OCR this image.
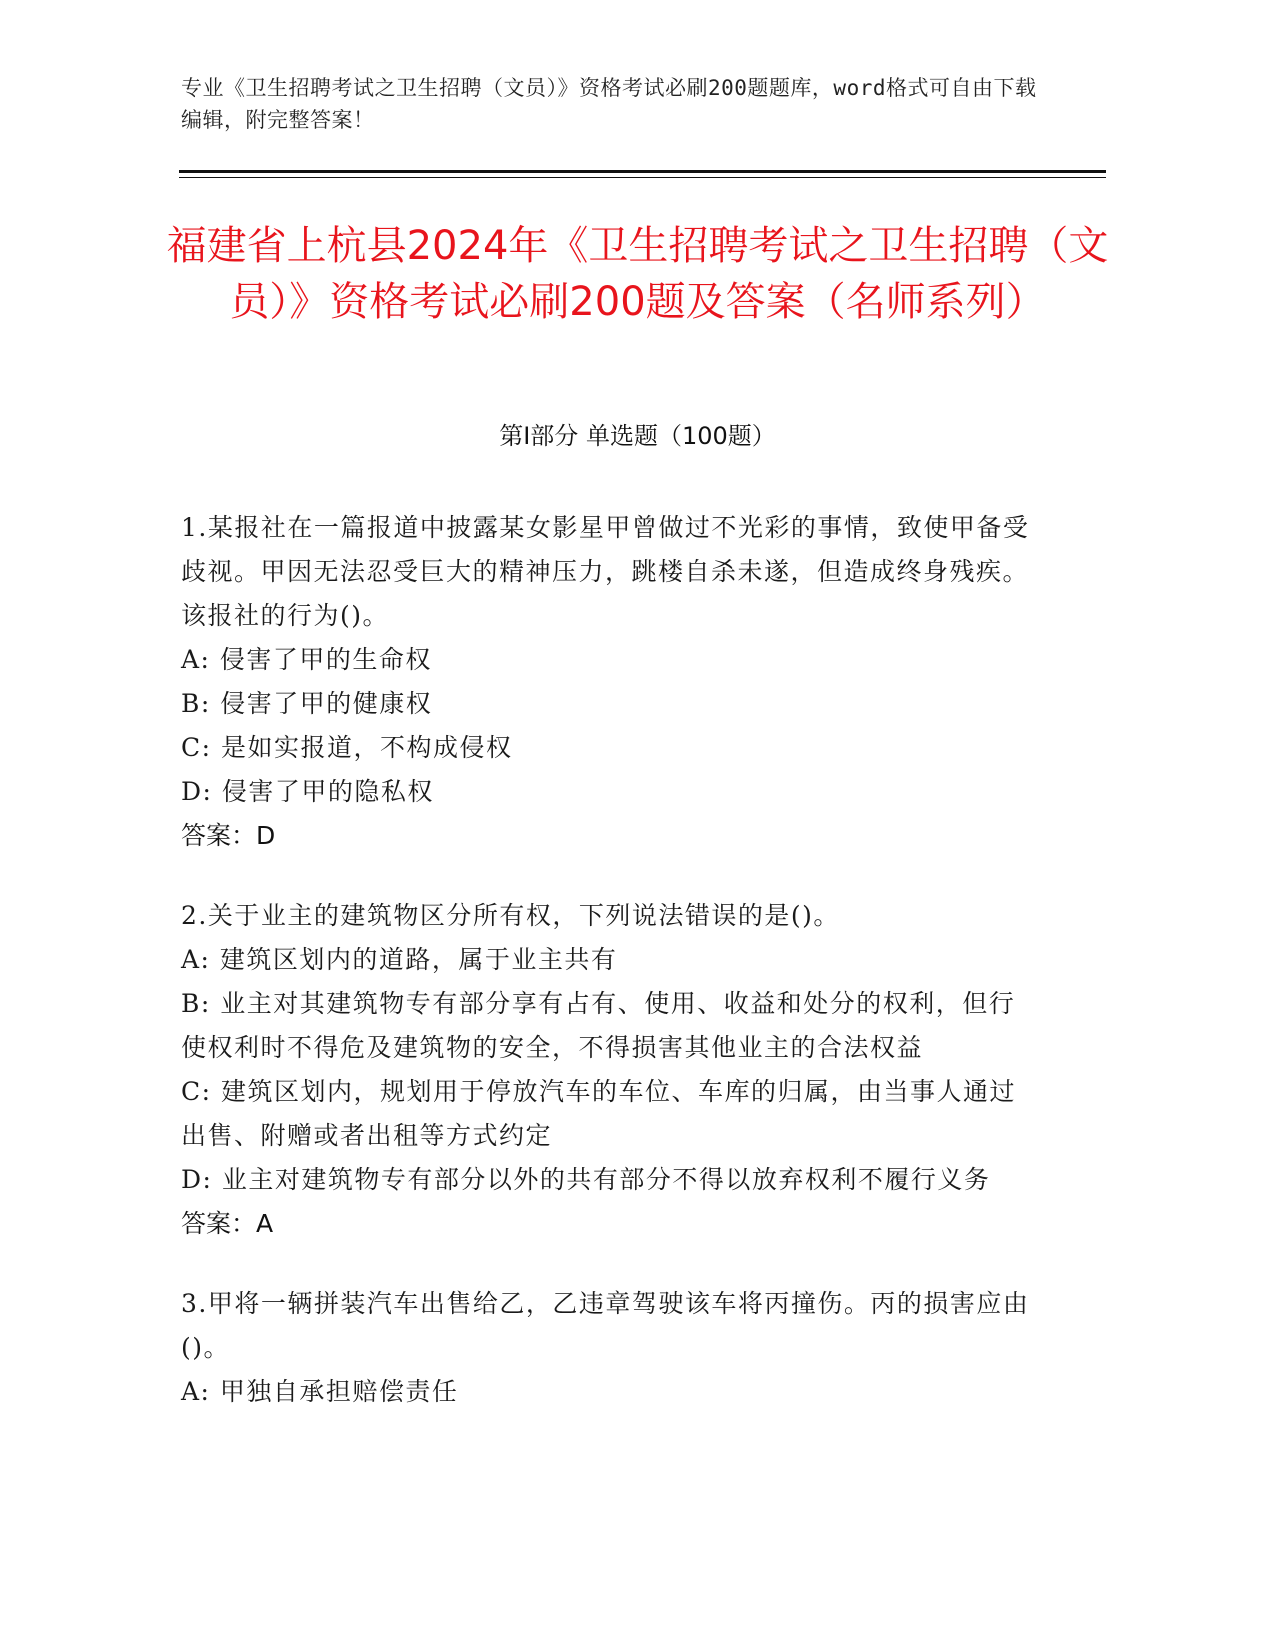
专业《卫生招聘考试之卫生招聘（文员）》资格考试必刷200题题库，word格式可自由下载编辑，附完整答案！
福建省上杭县2024年《卫生招聘考试之卫生招聘（文员）》资格考试必刷200题及答案（名师系列）
第I部分 单选题（100题）
1.某报社在一篇报道中披露某女影星甲曾做过不光彩的事情，致使甲备受歧视。甲因无法忍受巨大的精神压力，跳楼自杀未遂，但造成终身残疾。该报社的行为()。
A: 侵害了甲的生命权
B: 侵害了甲的健康权
C: 是如实报道，不构成侵权
D: 侵害了甲的隐私权
答案：D
2.关于业主的建筑物区分所有权，下列说法错误的是()。
A: 建筑区划内的道路，属于业主共有
B: 业主对其建筑物专有部分享有占有、使用、收益和处分的权利，但行使权利时不得危及建筑物的安全，不得损害其他业主的合法权益
C: 建筑区划内，规划用于停放汽车的车位、车库的归属，由当事人通过出售、附赠或者出租等方式约定
D: 业主对建筑物专有部分以外的共有部分不得以放弃权利不履行义务
答案：A
3.甲将一辆拼装汽车出售给乙，乙违章驾驶该车将丙撞伤。丙的损害应由()。
A: 甲独自承担赔偿责任
